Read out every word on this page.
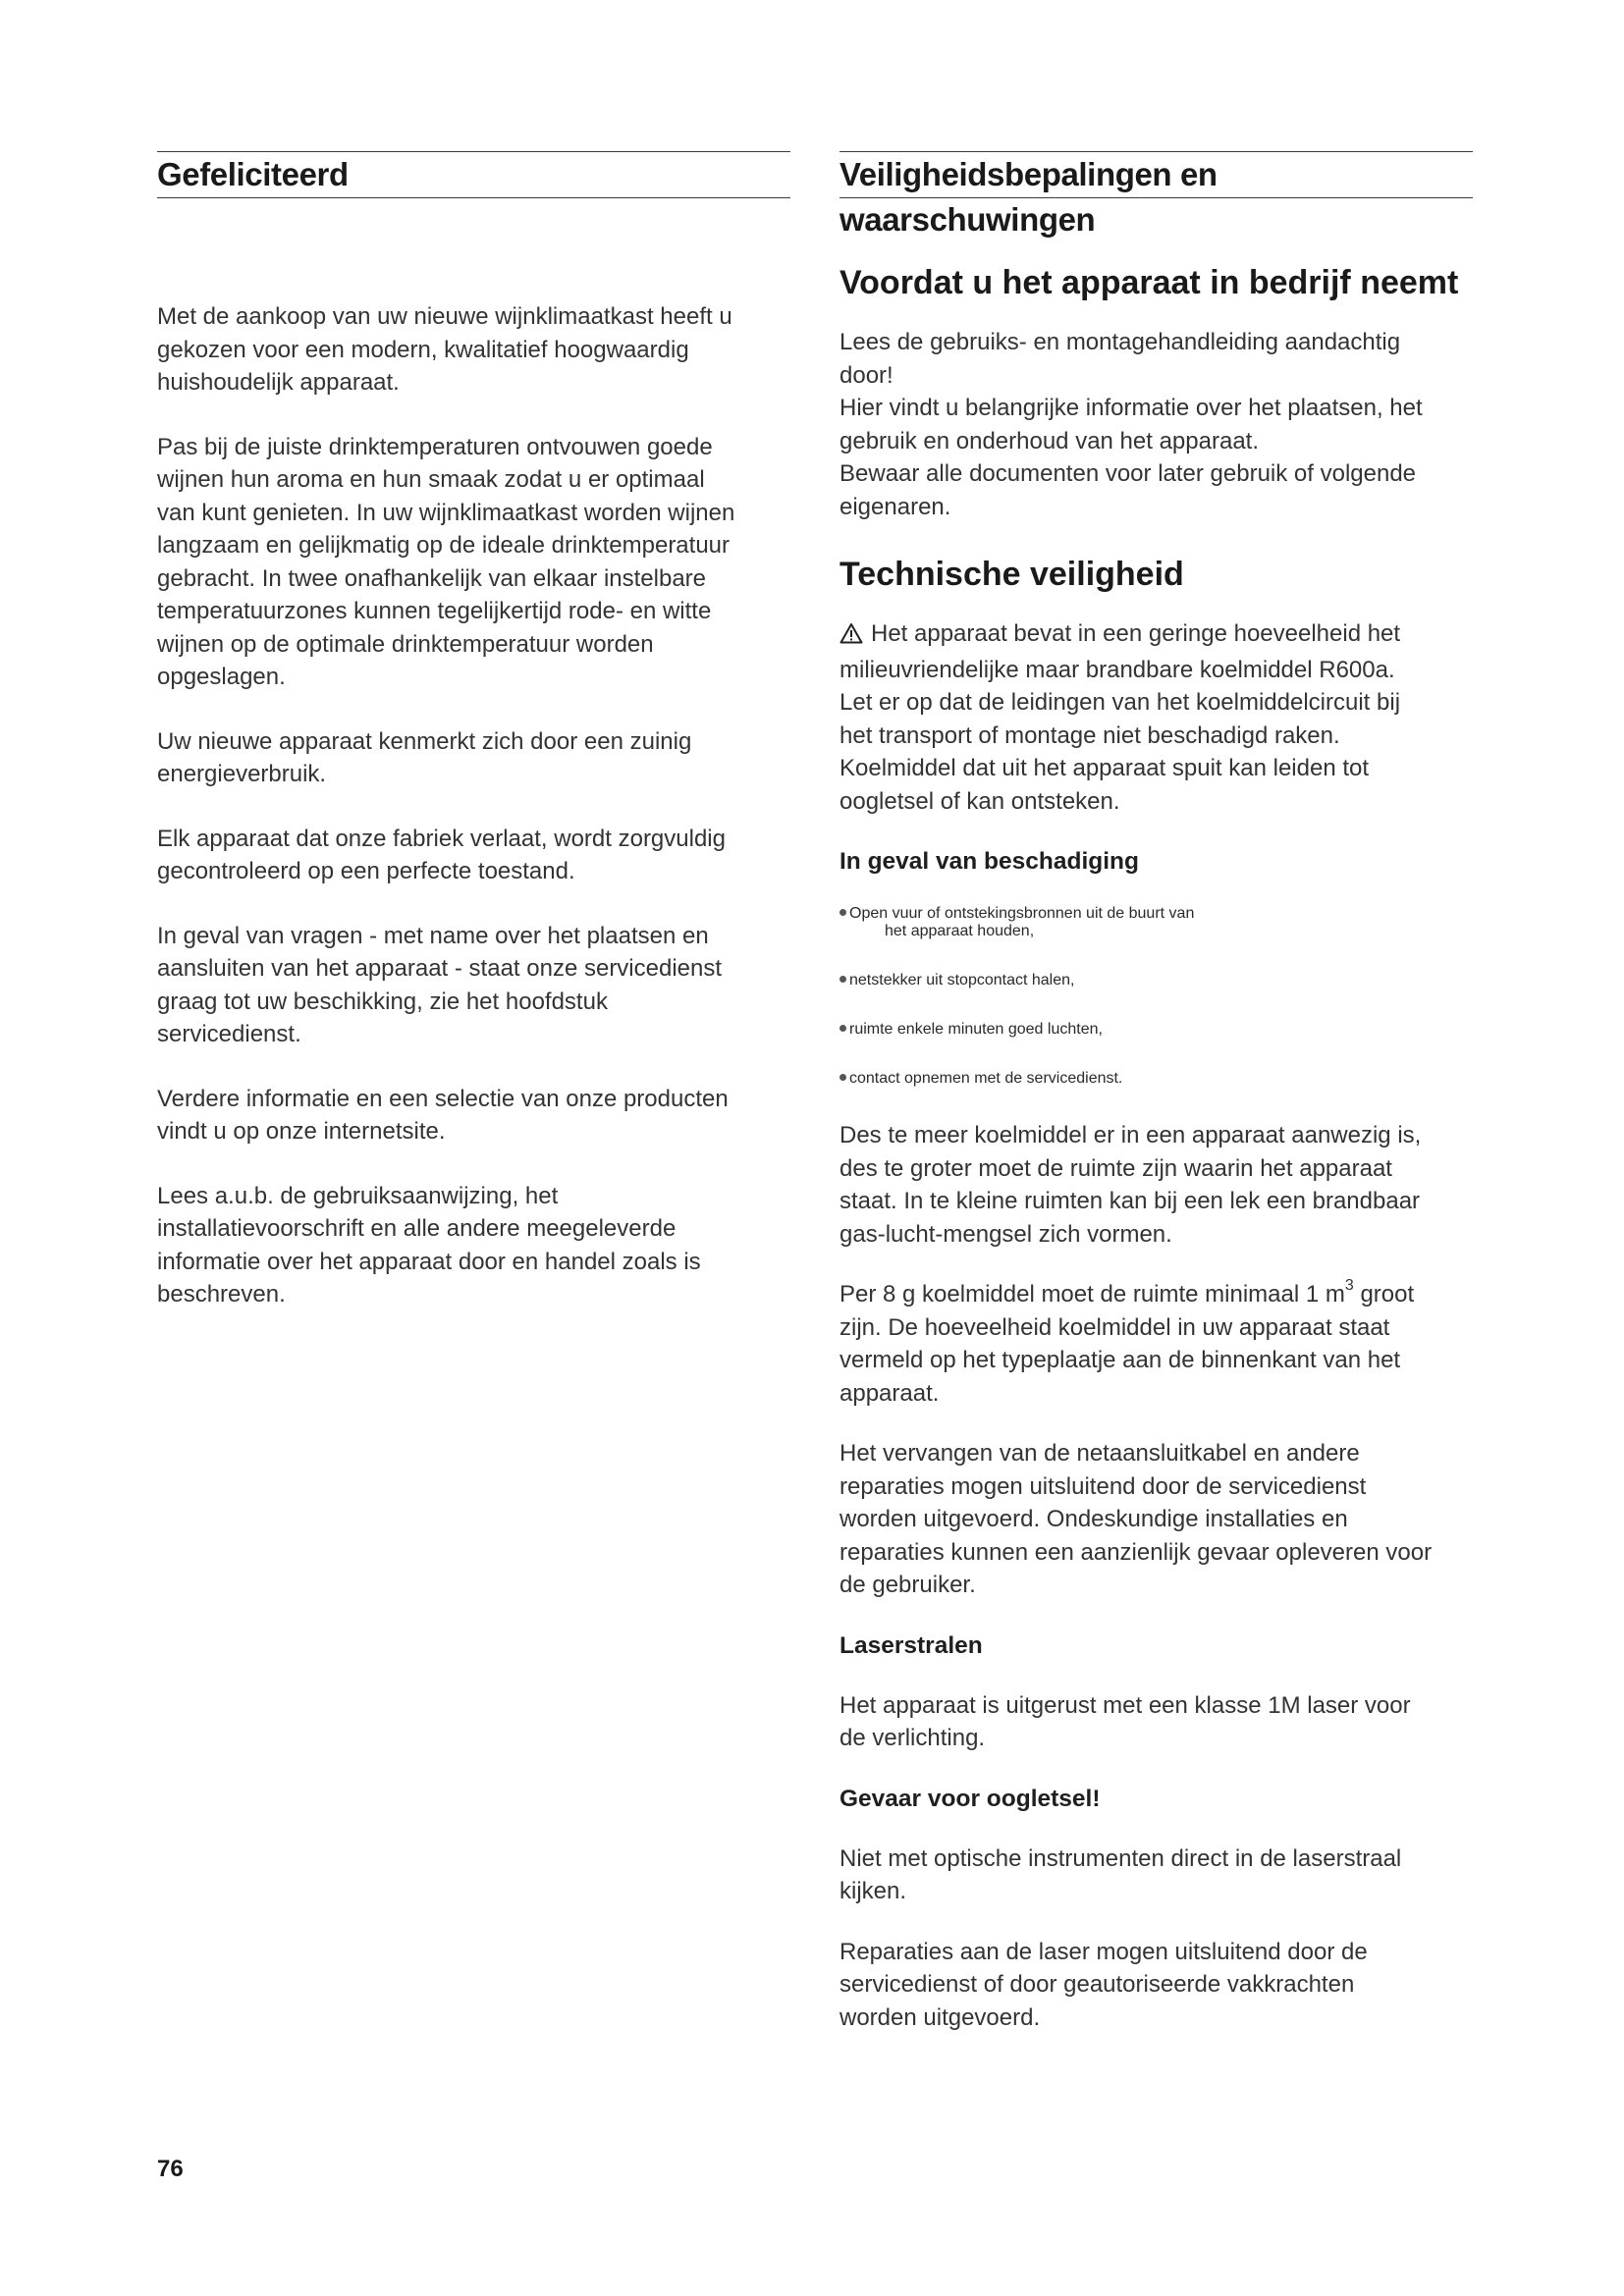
Gefeliciteerd

Met de aankoop van uw nieuwe wijnklimaatkast heeft u
gekozen voor een modern, kwalitatief hoogwaardig
huishoudelijk apparaat.

Pas bij de juiste drinktemperaturen ontvouwen goede
wijnen hun aroma en hun smaak zodat u er optimaal
van kunt genieten. In uw wijnklimaatkast worden wijnen
langzaam en gelijkmatig op de ideale drinktemperatuur
gebracht. In twee onafhankelijk van elkaar instelbare
temperatuurzones kunnen tegelijkertijd rode- en witte
wijnen op de optimale drinktemperatuur worden
opgeslagen.

Uw nieuwe apparaat kenmerkt zich door een zuinig
energieverbruik.

Elk apparaat dat onze fabriek verlaat, wordt zorgvuldig
gecontroleerd op een perfecte toestand.

In geval van vragen - met name over het plaatsen en
aansluiten van het apparaat - staat onze servicedienst
graag tot uw beschikking, zie het hoofdstuk
servicedienst.

Verdere informatie en een selectie van onze producten
vindt u op onze internetsite.

Lees a.u.b. de gebruiksaanwijzing, het
installatievoorschrift en alle andere meegeleverde
informatie over het apparaat door en handel zoals is
beschreven.

Veiligheidsbepalingen en waarschuwingen
Voordat u het apparaat in bedrijf neemt

Lees de gebruiks- en montagehandleiding aandachtig
door!
Hier vindt u belangrijke informatie over het plaatsen, het
gebruik en onderhoud van het apparaat.
Bewaar alle documenten voor later gebruik of volgende
eigenaren.

Technische veiligheid

Het apparaat bevat in een geringe hoeveelheid het
milieuvriendelijke maar brandbare koelmiddel R600a.
Let er op dat de leidingen van het koelmiddelcircuit bij
het transport of montage niet beschadigd raken.
Koelmiddel dat uit het apparaat spuit kan leiden tot
oogletsel of kan ontsteken.

In geval van beschadiging
Open vuur of ontstekingsbronnen uit de buurt van
het apparaat houden,
netstekker uit stopcontact halen,
ruimte enkele minuten goed luchten,
contact opnemen met de servicedienst.

Des te meer koelmiddel er in een apparaat aanwezig is,
des te groter moet de ruimte zijn waarin het apparaat
staat. In te kleine ruimten kan bij een lek een brandbaar
gas-lucht-mengsel zich vormen.

Per 8 g koelmiddel moet de ruimte minimaal 1 $m^3$ groot
zijn. De hoeveelheid koelmiddel in uw apparaat staat
vermeld op het typeplaatje aan de binnenkant van het
apparaat.

Het vervangen van de netaansluitkabel en andere
reparaties mogen uitsluitend door de servicedienst
worden uitgevoerd. Ondeskundige installaties en
reparaties kunnen een aanzienlijk gevaar opleveren voor
de gebruiker.

Laserstralen

Het apparaat is uitgerust met een klasse 1M laser voor
de verlichting.

Gevaar voor oogletsel!

Niet met optische instrumenten direct in de laserstraal
kijken.

Reparaties aan de laser mogen uitsluitend door de
servicedienst of door geautoriseerde vakkrachten
worden uitgevoerd.

76
